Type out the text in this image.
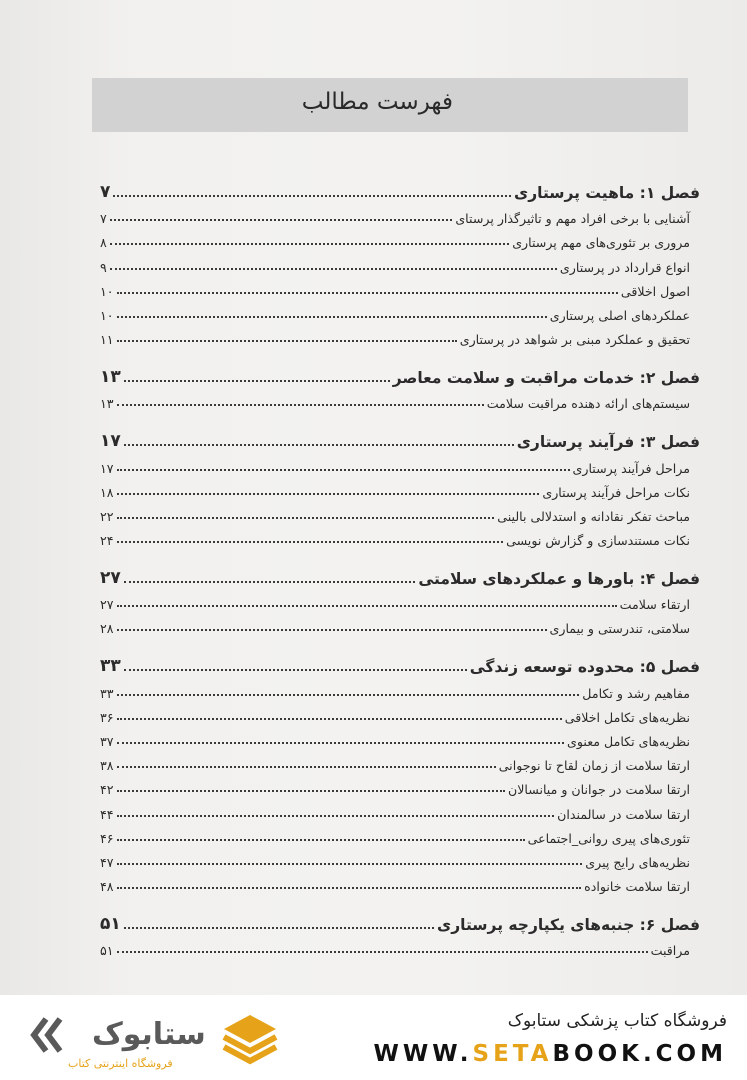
فهرست مطالب
فصل ۱: ماهیت پرستاری
۷
آشنایی با برخی افراد مهم و تاثیرگذار پرستای
۷
مروری بر تئوری‌های مهم پرستاری
۸
انواع قرارداد در پرستاری
۹
اصول اخلاقی
۱۰
عملکردهای اصلی پرستاری
۱۰
تحقیق و عملکرد مبنی بر شواهد در پرستاری
۱۱
فصل ۲: خدمات مراقبت و سلامت معاصر
۱۳
سیستم‌های ارائه دهنده مراقبت سلامت
۱۳
فصل ۳: فرآیند پرستاری
۱۷
مراحل فرآیند پرستاری
۱۷
نکات مراحل فرآیند پرستاری
۱۸
مباحث تفکر نقادانه و استدلالی بالینی
۲۲
نکات مستندسازی و گزارش نویسی
۲۴
فصل ۴: باورها و عملکردهای سلامتی
۲۷
ارتقاء سلامت
۲۷
سلامتی، تندرستی و بیماری
۲۸
فصل ۵: محدوده توسعه زندگی
۳۳
مفاهیم رشد و تکامل
۳۳
نظریه‌های تکامل اخلاقی
۳۶
نظریه‌های تکامل معنوی
۳۷
ارتقا سلامت از زمان لقاح تا نوجوانی
۳۸
ارتقا سلامت در جوانان و میانسالان
۴۲
ارتقا سلامت در سالمندان
۴۴
تئوری‌های پیری روانی_اجتماعی
۴۶
نظریه‌های رایج پیری
۴۷
ارتقا سلامت خانواده
۴۸
فصل ۶: جنبه‌های یکپارچه پرستاری
۵۱
مراقبت
۵۱
ستابوک
فروشگاه اینترنتی کتاب
فروشگاه کتاب پزشکی ستابوک
WWW.SETABOOK.COM
